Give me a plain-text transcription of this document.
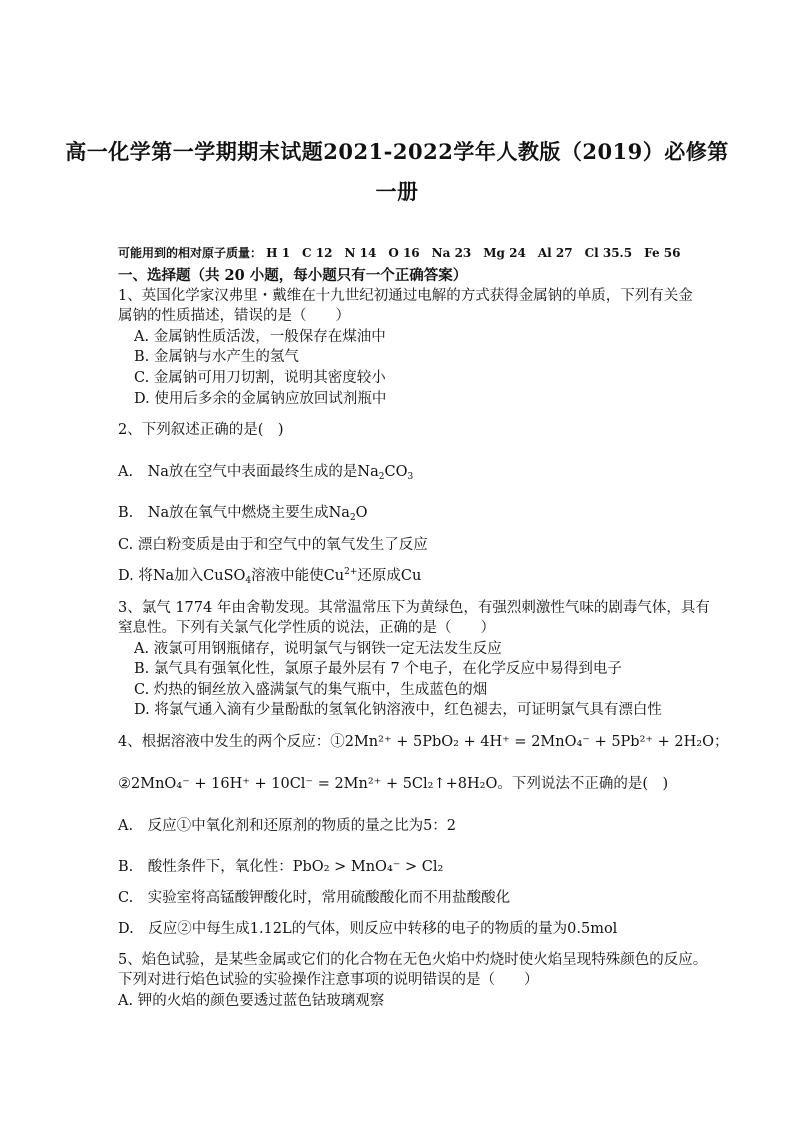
高一化学第一学期期末试题2021-2022学年人教版（2019）必修第
一册
可能用到的相对原子质量： H 1　C 12　N 14　O 16　Na 23　Mg 24　Al 27　Cl 35.5　Fe 56
一、选择题（共 20 小题，每小题只有一个正确答案）
1、英国化学家汉弗里・戴维在十九世纪初通过电解的方式获得金属钠的单质，下列有关金
属钠的性质描述，错误的是（　　）
A. 金属钠性质活泼，一般保存在煤油中
B. 金属钠与水产生的氢气
C. 金属钠可用刀切割，说明其密度较小
D. 使用后多余的金属钠应放回试剂瓶中
2、下列叙述正确的是(　)
A.　Na放在空气中表面最终生成的是$Na_2CO_3$
B.　Na放在氧气中燃烧主要生成$Na_2O$
C. 漂白粉变质是由于和空气中的氧气发生了反应
D. 将Na加入CuSO$_4$溶液中能使$Cu^{2+}$还原成Cu
3、氯气 1774 年由舍勒发现。其常温常压下为黄绿色，有强烈刺激性气味的剧毒气体，具有
窒息性。下列有关氯气化学性质的说法，正确的是（　　）
A. 液氯可用钢瓶储存，说明氯气与钢铁一定无法发生反应
B. 氯气具有强氧化性，氯原子最外层有 7 个电子，在化学反应中易得到电子
C. 灼热的铜丝放入盛满氯气的集气瓶中，生成蓝色的烟
D. 将氯气通入滴有少量酚酞的氢氧化钠溶液中，红色褪去，可证明氯气具有漂白性
4、根据溶液中发生的两个反应：①2Mn²⁺ + 5PbO₂ + 4H⁺ = 2MnO₄⁻ + 5Pb²⁺ + 2H₂O；
②2MnO₄⁻ + 16H⁺ + 10Cl⁻ = 2Mn²⁺ + 5Cl₂↑+8H₂O。下列说法不正确的是(　)
A.　反应①中氧化剂和还原剂的物质的量之比为5：2
B.　酸性条件下，氧化性：PbO₂ > MnO₄⁻ > Cl₂
C.　实验室将高锰酸钾酸化时，常用硫酸酸化而不用盐酸酸化
D.　反应②中每生成1.12L的气体，则反应中转移的电子的物质的量为0.5mol
5、焰色试验，是某些金属或它们的化合物在无色火焰中灼烧时使火焰呈现特殊颜色的反应。
下列对进行焰色试验的实验操作注意事项的说明错误的是（　　）
A. 钾的火焰的颜色要透过蓝色钴玻璃观察
